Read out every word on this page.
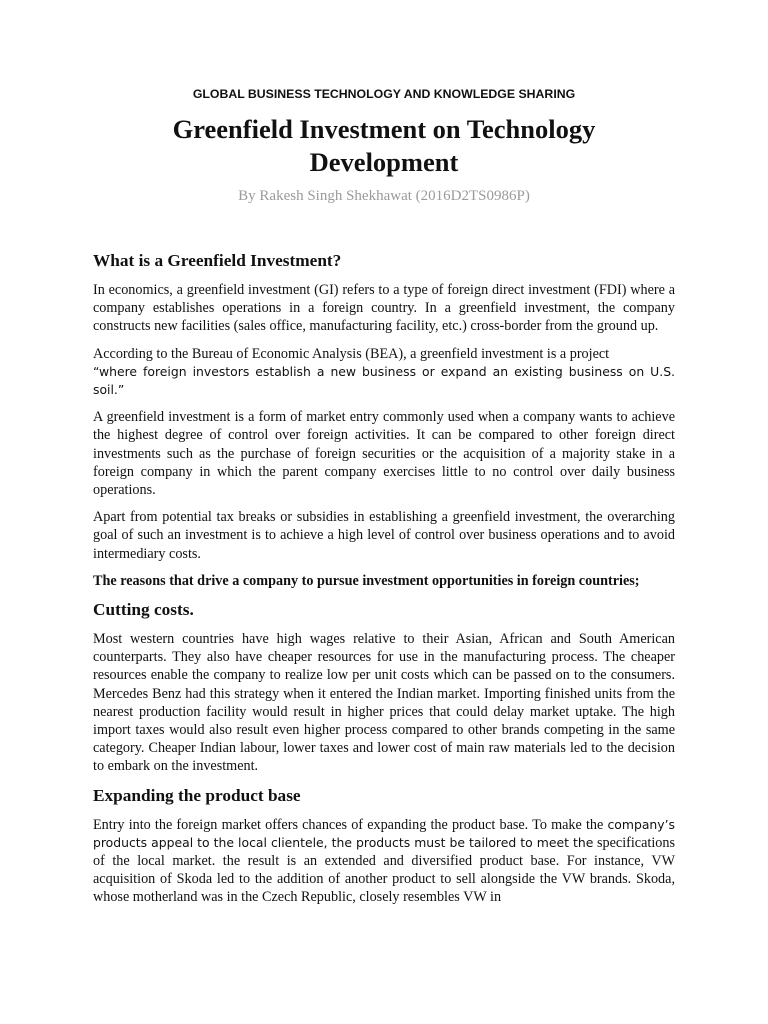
GLOBAL BUSINESS TECHNOLOGY AND KNOWLEDGE SHARING
Greenfield Investment on Technology
Development
By Rakesh Singh Shekhawat (2016D2TS0986P)
What is a Greenfield Investment?

In economics, a greenfield investment (GI) refers to a type of foreign direct investment (FDI) where a company establishes operations in a foreign country. In a greenfield investment, the company constructs new facilities (sales office, manufacturing facility, etc.) cross-border from the ground up.

According to the Bureau of Economic Analysis (BEA), a greenfield investment is a project
“where foreign investors establish a new business or expand an existing business on U.S. soil.”

A greenfield investment is a form of market entry commonly used when a company wants to achieve the highest degree of control over foreign activities. It can be compared to other foreign direct investments such as the purchase of foreign securities or the acquisition of a majority stake in a foreign company in which the parent company exercises little to no control over daily business operations.

Apart from potential tax breaks or subsidies in establishing a greenfield investment, the overarching goal of such an investment is to achieve a high level of control over business operations and to avoid intermediary costs.

The reasons that drive a company to pursue investment opportunities in foreign countries;

Cutting costs.

Most western countries have high wages relative to their Asian, African and South American counterparts. They also have cheaper resources for use in the manufacturing process. The cheaper resources enable the company to realize low per unit costs which can be passed on to the consumers. Mercedes Benz had this strategy when it entered the Indian market. Importing finished units from the nearest production facility would result in higher prices that could delay market uptake. The high import taxes would also result even higher process compared to other brands competing in the same category. Cheaper Indian labour, lower taxes and lower cost of main raw materials led to the decision to embark on the investment.

Expanding the product base

Entry into the foreign market offers chances of expanding the product base. To make the company’s products appeal to the local clientele, the products must be tailored to meet the specifications of the local market. the result is an extended and diversified product base. For instance, VW acquisition of Skoda led to the addition of another product to sell alongside the VW brands. Skoda, whose motherland was in the Czech Republic, closely resembles VW in
